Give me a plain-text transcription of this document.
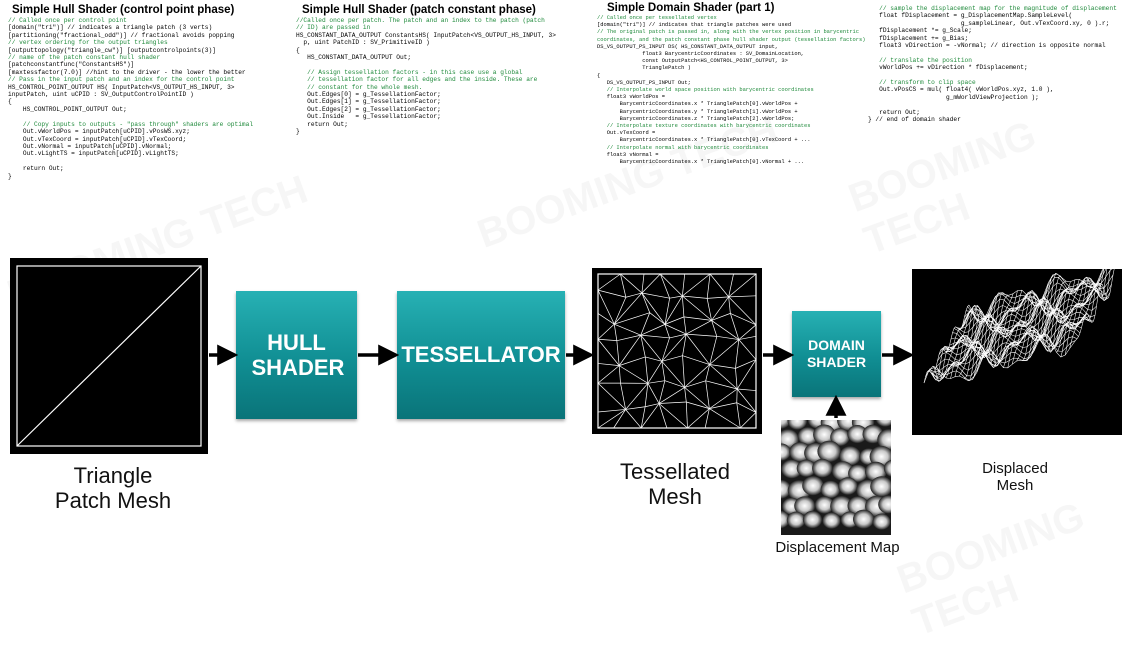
Simple Hull Shader (control point phase)
// Called once per control point
[domain("tri")] // indicates a triangle patch (3 verts)
[partitioning("fractional_odd")] // fractional avoids popping
// vertex ordering for the output triangles
[outputtopology("triangle_cw")] [outputcontrolpoints(3)]
// name of the patch constant hull shader
[patchconstantfunc("ConstantsHS")]
[maxtessfactor(7.0)] //hint to the driver - the lower the better
// Pass in the input patch and an index for the control point
HS_CONTROL_POINT_OUTPUT HS( InputPatch<VS_OUTPUT_HS_INPUT, 3>
inputPatch, uint uCPID : SV_OutputControlPointID )
{
HS_CONTROL_POINT_OUTPUT Out;

// Copy inputs to outputs - "pass through" shaders are optimal
Out.vWorldPos = inputPatch[uCPID].vPosWS.xyz;
Out.vTexCoord = inputPatch[uCPID].vTexCoord;
Out.vNormal = inputPatch[uCPID].vNormal;
Out.vLightTS = inputPatch[uCPID].vLightTS;

return Out;
}
Simple Hull Shader (patch constant phase)
//Called once per patch. The patch and an index to the patch (patch
// ID) are passed in
HS_CONSTANT_DATA_OUTPUT ConstantsHS( InputPatch<VS_OUTPUT_HS_INPUT, 3>
p, uint PatchID : SV_PrimitiveID )
{
HS_CONSTANT_DATA_OUTPUT Out;

// Assign tessellation factors - in this case use a global
// tessellation factor for all edges and the inside. These are
// constant for the whole mesh.
Out.Edges[0] = g_TessellationFactor;
Out.Edges[1] = g_TessellationFactor;
Out.Edges[2] = g_TessellationFactor;
Out.Inside   = g_TessellationFactor;
return Out;
}
Simple Domain Shader (part 1)
// Called once per tessellated vertex
[domain("tri")] // indicates that triangle patches were used
// The original patch is passed in, along with the vertex position in barycentric
coordinates, and the patch constant phase hull shader output (tessellation factors)
DS_VS_OUTPUT_PS_INPUT DS( HS_CONSTANT_DATA_OUTPUT input,
float3 BarycentricCoordinates : SV_DomainLocation,
const OutputPatch<HS_CONTROL_POINT_OUTPUT, 3>
TrianglePatch )
{
DS_VS_OUTPUT_PS_INPUT Out;
// Interpolate world space position with barycentric coordinates
float3 vWorldPos =
BarycentricCoordinates.x * TrianglePatch[0].vWorldPos +
BarycentricCoordinates.y * TrianglePatch[1].vWorldPos +
BarycentricCoordinates.z * TrianglePatch[2].vWorldPos;
// Interpolate texture coordinates with barycentric coordinates
Out.vTexCoord =
BarycentricCoordinates.x * TrianglePatch[0].vTexCoord + ...
// Interpolate normal with barycentric coordinates
float3 vNormal =
BarycentricCoordinates.x * TrianglePatch[0].vNormal + ...
// sample the displacement map for the magnitude of displacement
float fDisplacement = g_DisplacementMap.SampleLevel(
g_sampleLinear, Out.vTexCoord.xy, 0 ).r;
fDisplacement *= g_Scale;
fDisplacement += g_Bias;
float3 vDirection = -vNormal; // direction is opposite normal

// translate the position
vWorldPos += vDirection * fDisplacement;

// transform to clip space
Out.vPosCS = mul( float4( vWorldPos.xyz, 1.0 ),
g_mWorldViewProjection );

return Out;
} // end of domain shader
HULL SHADER
TESSELLATOR	DOMAIN SHADER
Triangle Patch Mesh
Tessellated Mesh
Displacement Map
Displaced Mesh
